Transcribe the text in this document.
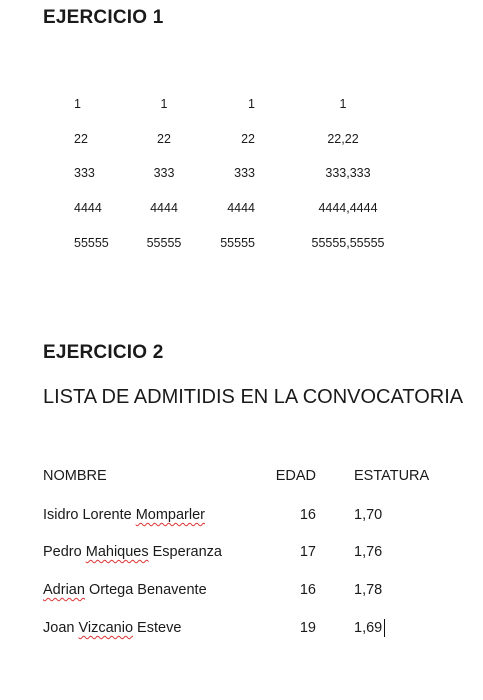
EJERCICIO 1
1	1	1	1
22	22	22	22,22
333	333	333	333,333
4444	4444	4444	4444,4444
55555	55555	55555	55555,55555
EJERCICIO 2
LISTA DE ADMITIDIS EN LA CONVOCATORIA
NOMBRE	EDAD	ESTATURA
Isidro Lorente Momparler	16	1,70
Pedro Mahiques Esperanza	17	1,76
Adrian Ortega Benavente	16	1,78
Joan Vizcanio Esteve	19	1,69
